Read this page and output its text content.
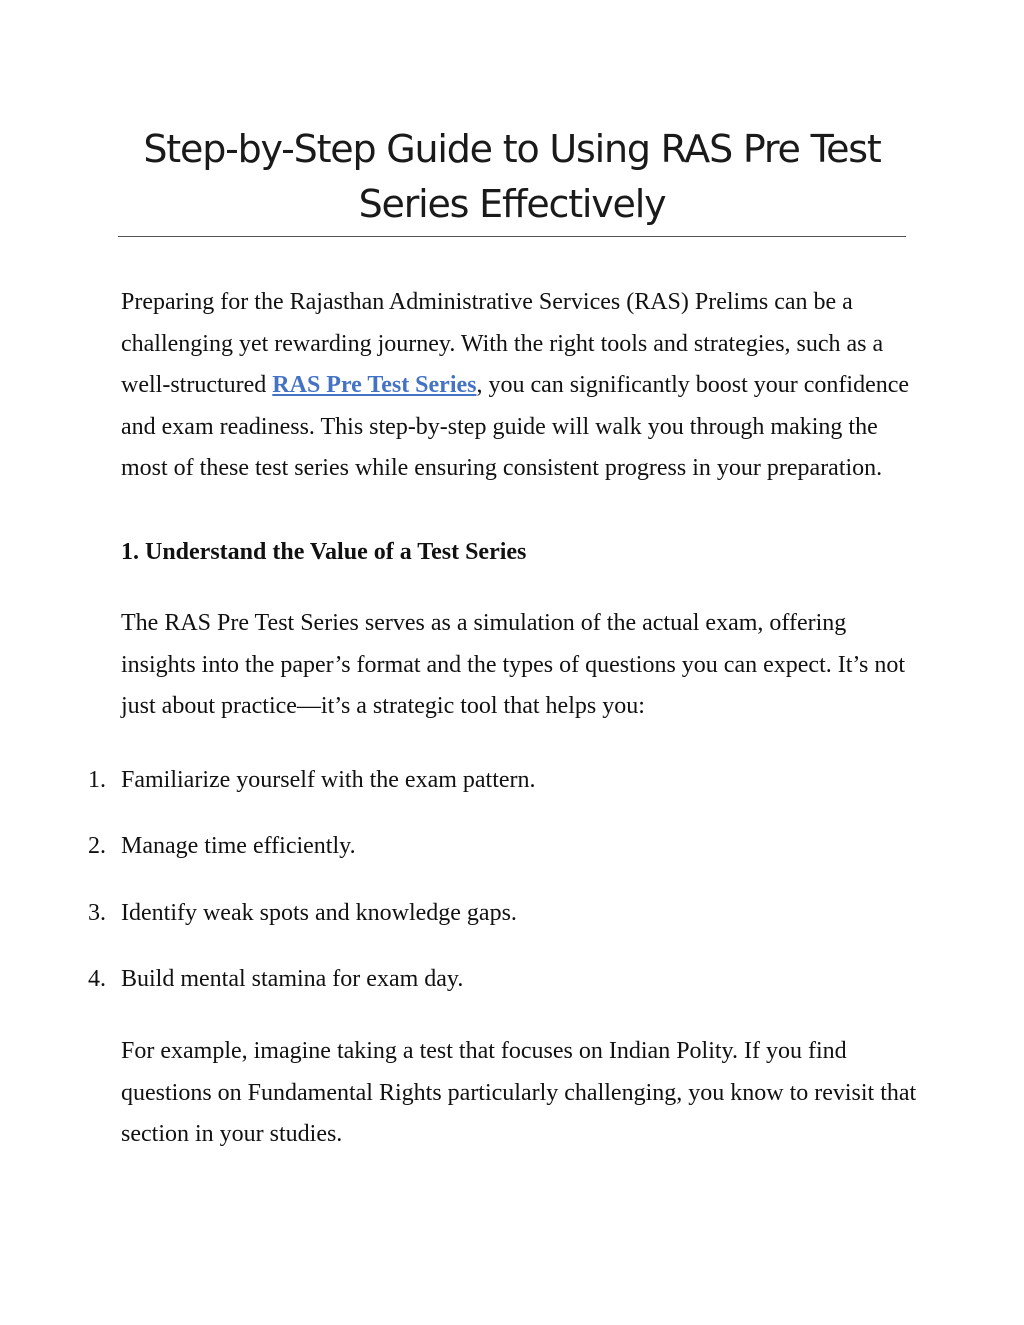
Step-by-Step Guide to Using RAS Pre Test
Series Effectively

Preparing for the Rajasthan Administrative Services (RAS) Prelims can be a challenging yet rewarding journey. With the right tools and strategies, such as a well-structured RAS Pre Test Series, you can significantly boost your confidence and exam readiness. This step-by-step guide will walk you through making the most of these test series while ensuring consistent progress in your preparation.

1. Understand the Value of a Test Series

The RAS Pre Test Series serves as a simulation of the actual exam, offering insights into the paper’s format and the types of questions you can expect. It’s not just about practice—it’s a strategic tool that helps you:

1. Familiarize yourself with the exam pattern.
2. Manage time efficiently.
3. Identify weak spots and knowledge gaps.
4. Build mental stamina for exam day.

For example, imagine taking a test that focuses on Indian Polity. If you find questions on Fundamental Rights particularly challenging, you know to revisit that section in your studies.
